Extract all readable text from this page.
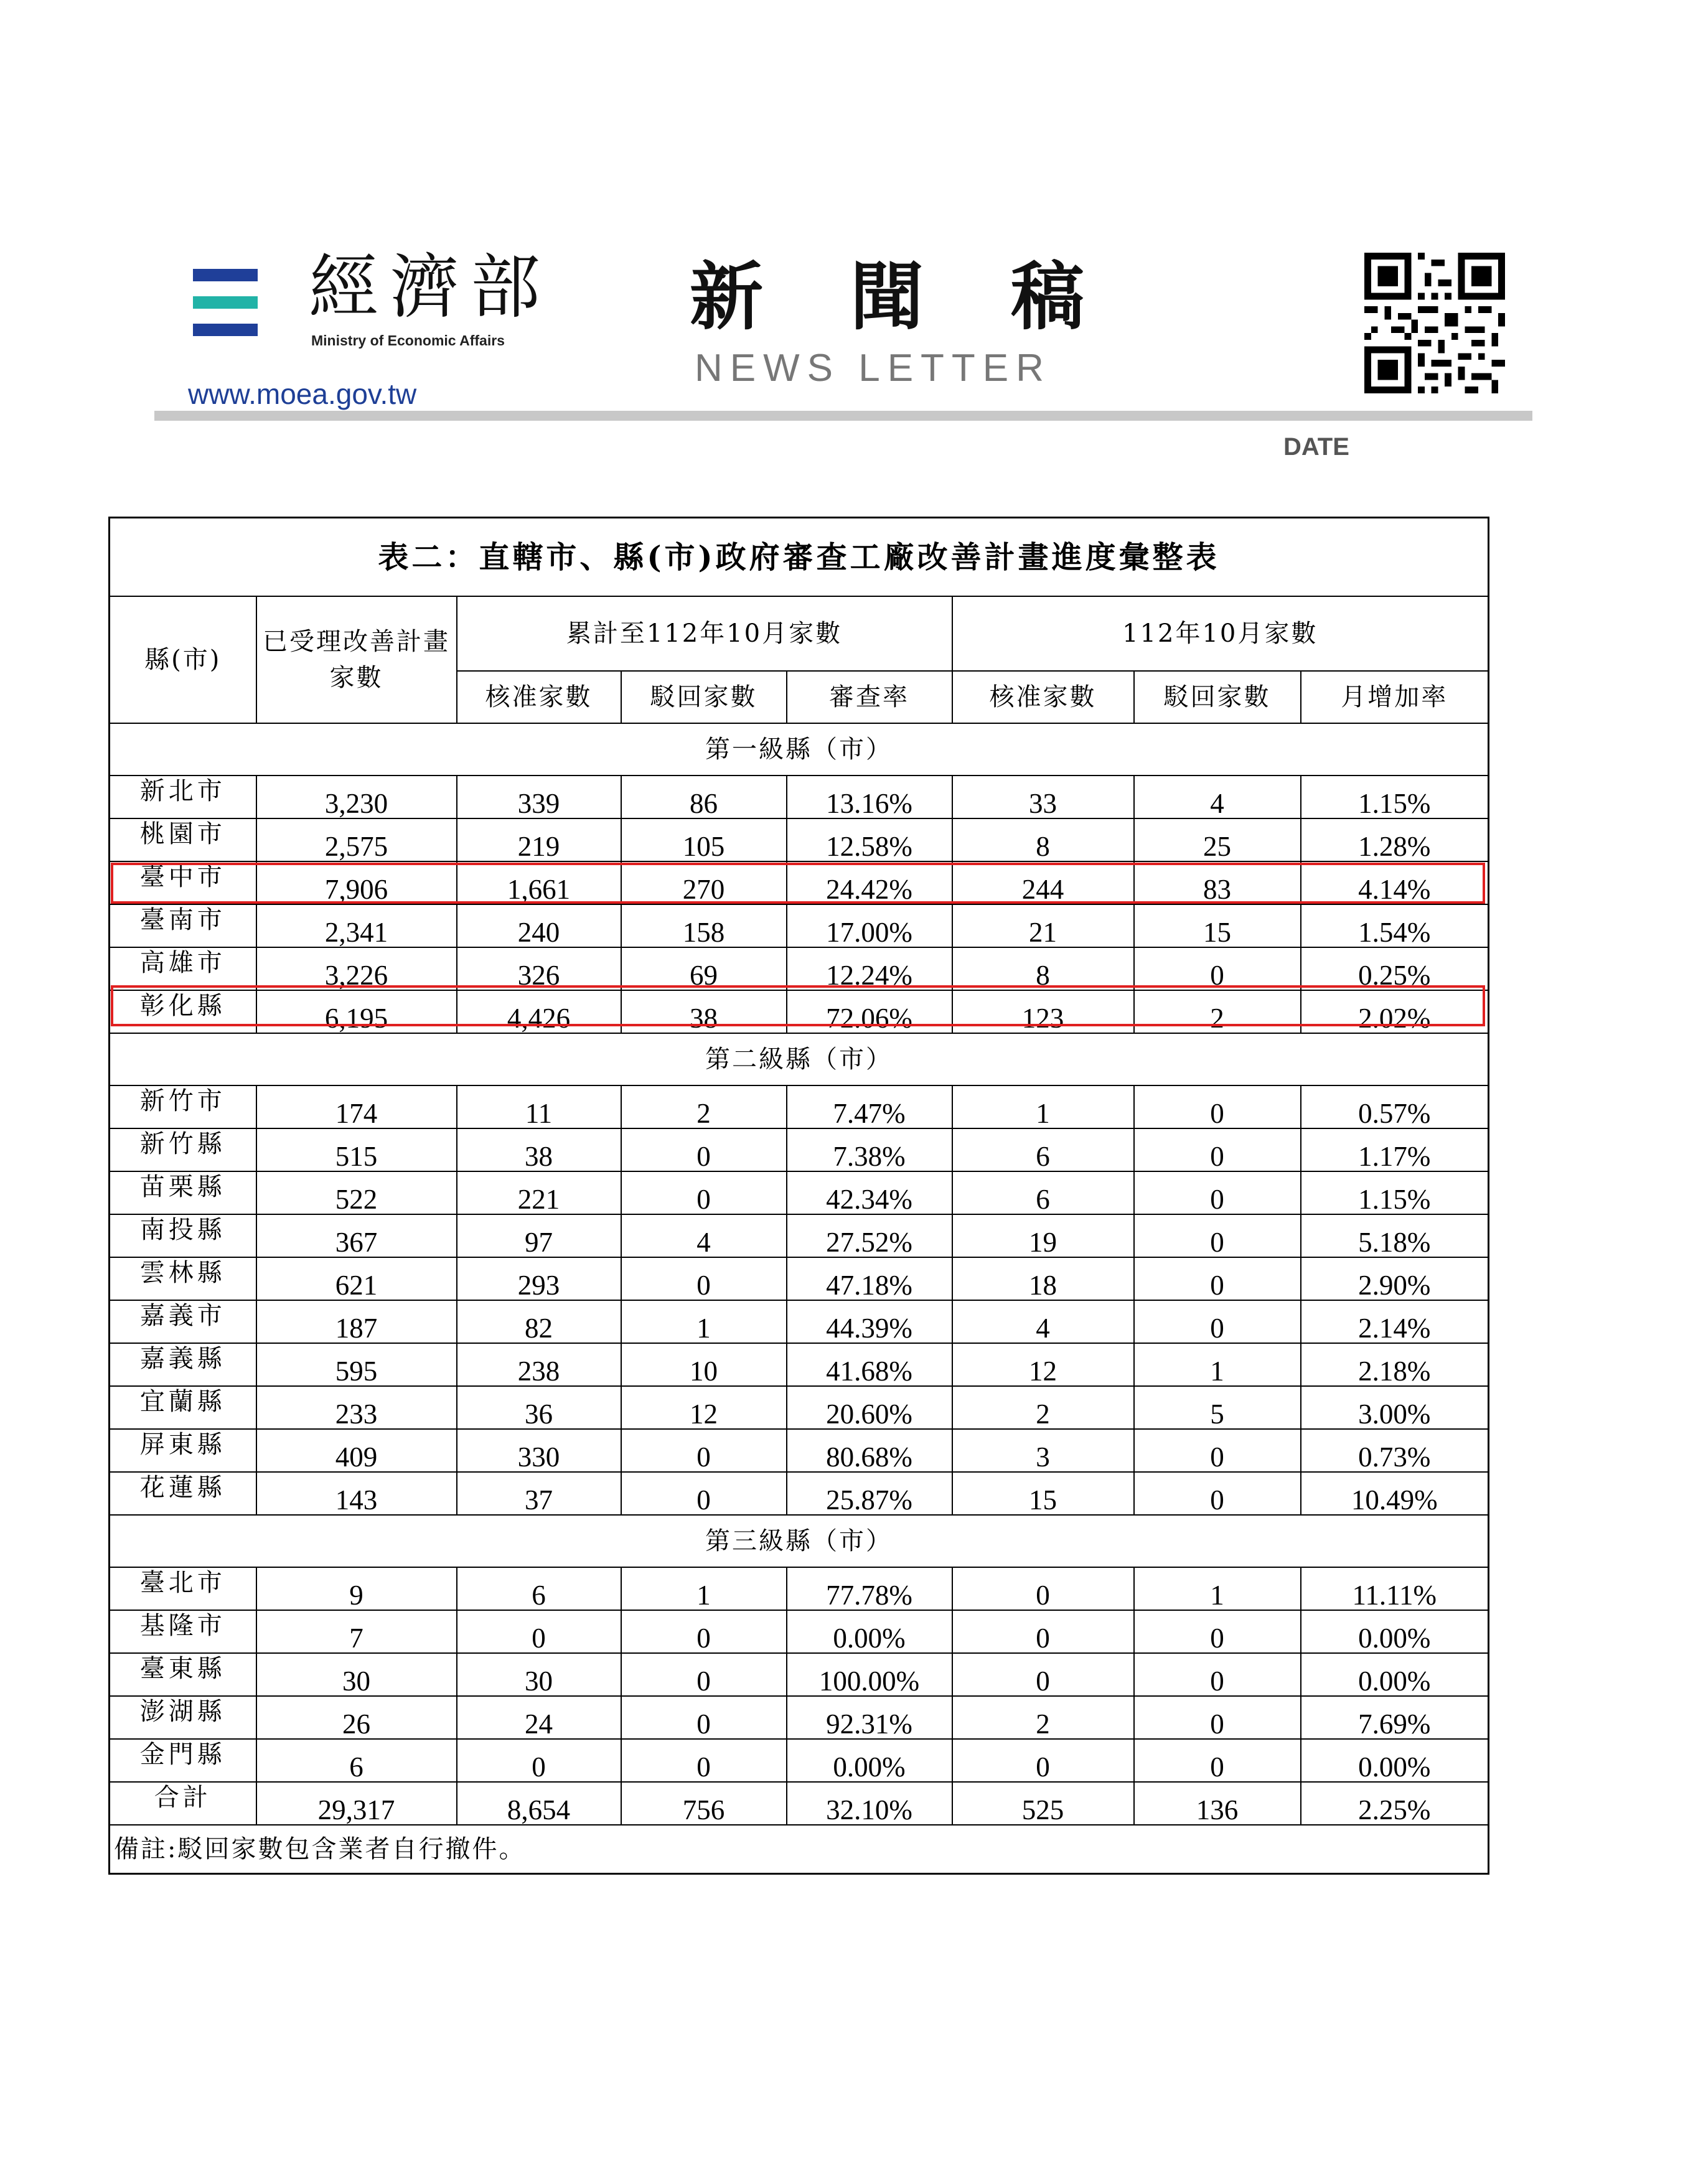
經濟部
Ministry of Economic Affairs
www.moea.gov.tw
新聞稿
NEWS LETTER
DATE
表二：直轄市、縣(市)政府審查工廠改善計畫進度彙整表							
縣(市)	已受理改善計畫家數	累計至112年10月家數			112年10月家數		
		核准家數	駁回家數	審查率	核准家數	駁回家數	月增加率
第一級縣（市）							
新北市	3,230	339	86	13.16%	33	4	1.15%
桃園市	2,575	219	105	12.58%	8	25	1.28%
臺中市	7,906	1,661	270	24.42%	244	83	4.14%
臺南市	2,341	240	158	17.00%	21	15	1.54%
高雄市	3,226	326	69	12.24%	8	0	0.25%
彰化縣	6,195	4,426	38	72.06%	123	2	2.02%
第二級縣（市）							
新竹市	174	11	2	7.47%	1	0	0.57%
新竹縣	515	38	0	7.38%	6	0	1.17%
苗栗縣	522	221	0	42.34%	6	0	1.15%
南投縣	367	97	4	27.52%	19	0	5.18%
雲林縣	621	293	0	47.18%	18	0	2.90%
嘉義市	187	82	1	44.39%	4	0	2.14%
嘉義縣	595	238	10	41.68%	12	1	2.18%
宜蘭縣	233	36	12	20.60%	2	5	3.00%
屏東縣	409	330	0	80.68%	3	0	0.73%
花蓮縣	143	37	0	25.87%	15	0	10.49%
第三級縣（市）							
臺北市	9	6	1	77.78%	0	1	11.11%
基隆市	7	0	0	0.00%	0	0	0.00%
臺東縣	30	30	0	100.00%	0	0	0.00%
澎湖縣	26	24	0	92.31%	2	0	7.69%
金門縣	6	0	0	0.00%	0	0	0.00%
合計	29,317	8,654	756	32.10%	525	136	2.25%
備註:駁回家數包含業者自行撤件。							
